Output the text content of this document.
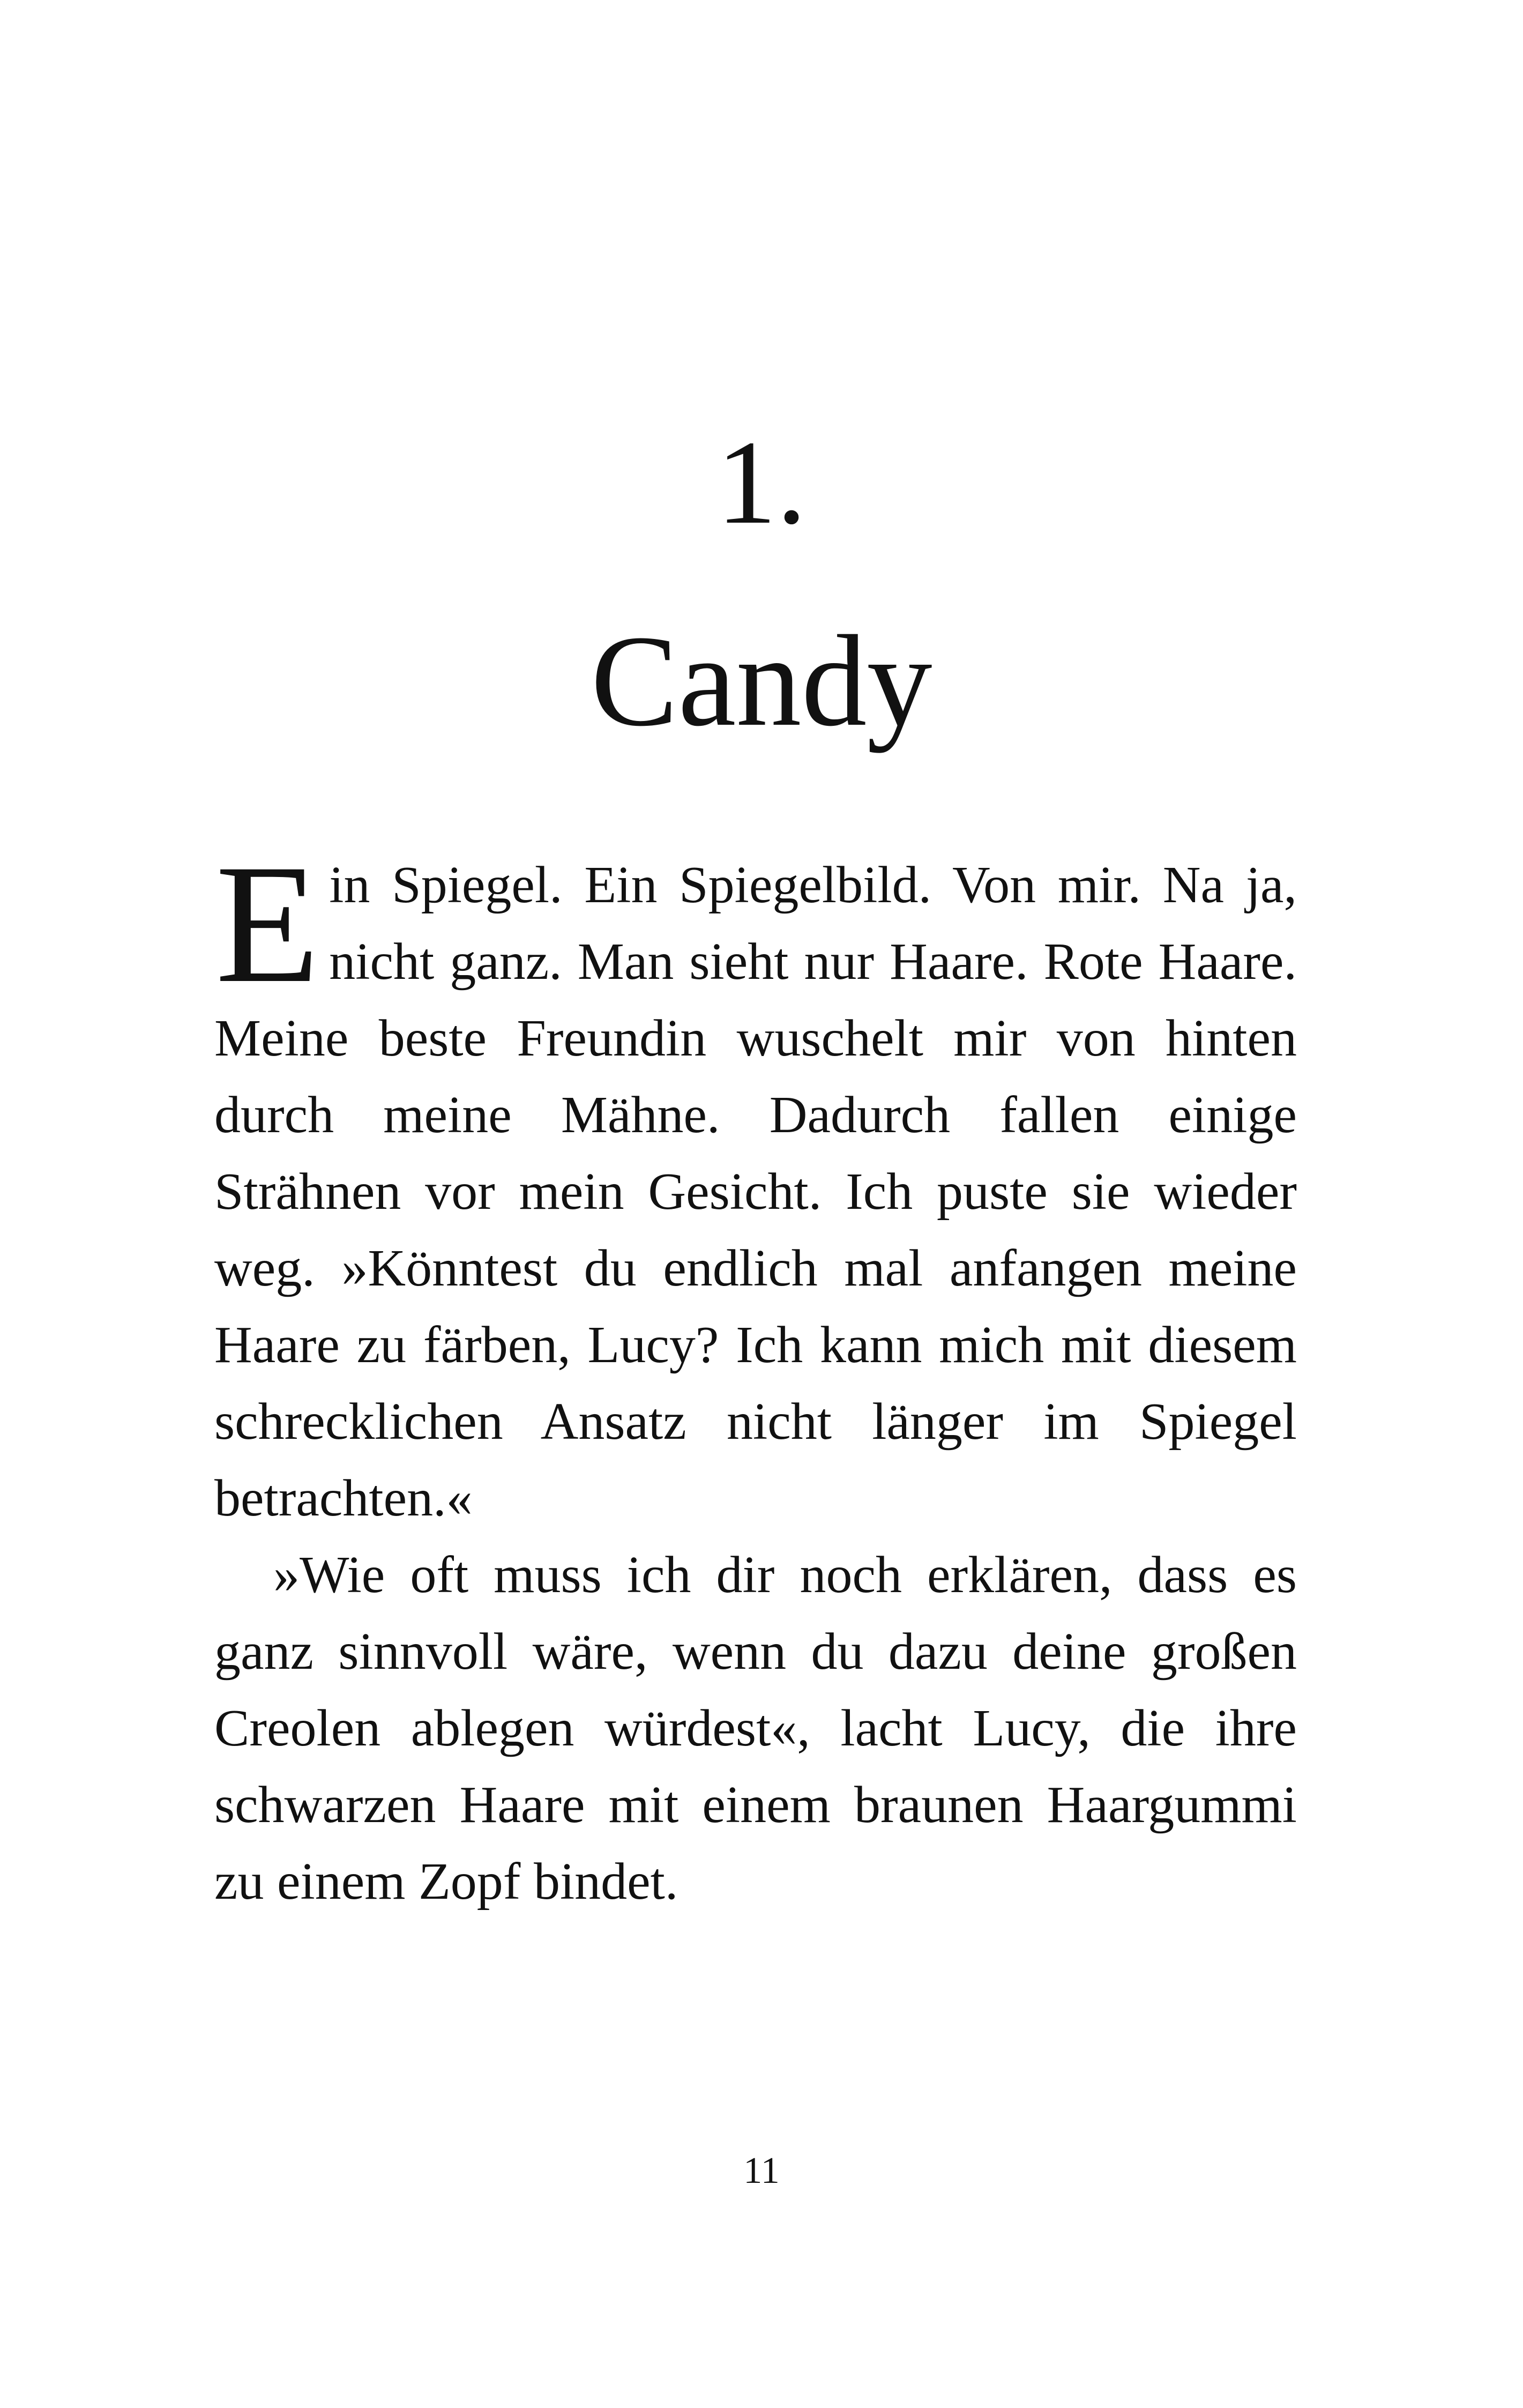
1.
Candy

Ein Spiegel. Ein Spiegelbild. Von mir. Na ja, nicht ganz. Man sieht nur Haare. Rote Haare. Meine beste Freundin wuschelt mir von hinten durch meine Mähne. Dadurch fallen einige Strähnen vor mein Gesicht. Ich puste sie wieder weg. »Könntest du endlich mal anfangen meine Haare zu färben, Lucy? Ich kann mich mit diesem schrecklichen Ansatz nicht länger im Spiegel betrachten.«

»Wie oft muss ich dir noch erklären, dass es ganz sinnvoll wäre, wenn du dazu deine großen Creolen ablegen würdest«, lacht Lucy, die ihre schwarzen Haare mit einem braunen Haargummi zu einem Zopf bindet.

11
